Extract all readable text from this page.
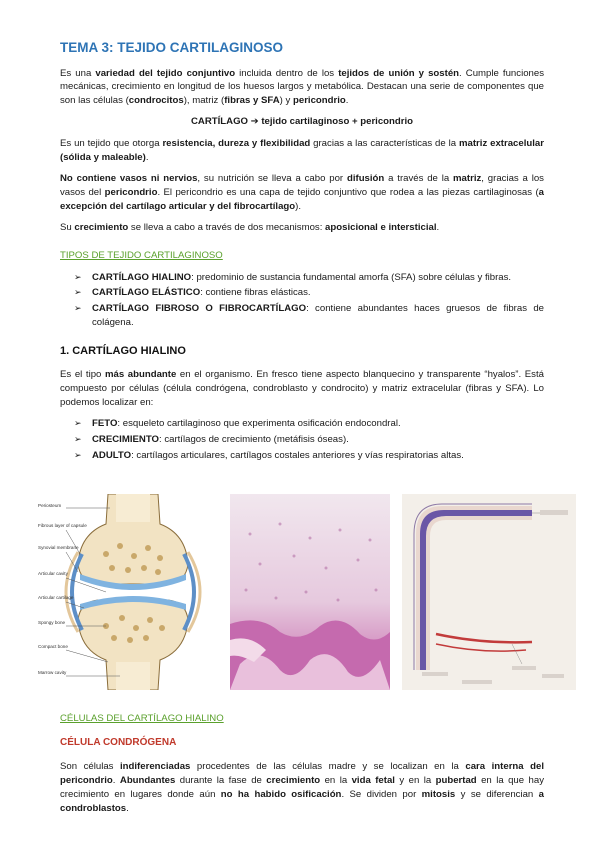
TEMA 3: TEJIDO CARTILAGINOSO

Es una variedad del tejido conjuntivo incluida dentro de los tejidos de unión y sostén. Cumple funciones mecánicas, crecimiento en longitud de los huesos largos y metabólica. Destacan una serie de componentes que son las células (condrocitos), matriz (fibras y SFA) y pericondrio.

CARTÍLAGO ➔ tejido cartilaginoso + pericondrio

Es un tejido que otorga resistencia, dureza y flexibilidad gracias a las características de la matriz extracelular (sólida y maleable).

No contiene vasos ni nervios, su nutrición se lleva a cabo por difusión a través de la matriz, gracias a los vasos del pericondrio. El pericondrio es una capa de tejido conjuntivo que rodea a las piezas cartilaginosas (a excepción del cartílago articular y del fibrocartílago).

Su crecimiento se lleva a cabo a través de dos mecanismos: aposicional e intersticial.

TIPOS DE TEJIDO CARTILAGINOSO
➢ CARTÍLAGO HIALINO: predominio de sustancia fundamental amorfa (SFA) sobre células y fibras.
➢ CARTÍLAGO ELÁSTICO: contiene fibras elásticas.
➢ CARTÍLAGO FIBROSO O FIBROCARTÍLAGO: contiene abundantes haces gruesos de fibras de colágena.
1. CARTÍLAGO HIALINO

Es el tipo más abundante en el organismo. En fresco tiene aspecto blanquecino y transparente “hyalos”. Está compuesto por células (célula condrógena, condroblasto y condrocito) y matriz extracelular (fibras y SFA). Lo podemos localizar en:

➢ FETO: esqueleto cartilaginoso que experimenta osificación endocondral.
➢ CRECIMIENTO: cartílagos de crecimiento (metáfisis óseas).
➢ ADULTO: cartílagos articulares, cartílagos costales anteriores y vías respiratorias altas.
Periosteum
Fibrous layer of capsule
Synovial membrane
Articular cavity
Articular cartilage
Spongy bone
Compact bone
Marrow cavity
CÉLULAS DEL CARTÍLAGO HIALINO
CÉLULA CONDRÓGENA

Son células indiferenciadas procedentes de las células madre y se localizan en la cara interna del pericondrio. Abundantes durante la fase de crecimiento en la vida fetal y en la pubertad en la que hay crecimiento en lugares donde aún no ha habido osificación. Se dividen por mitosis y se diferencian a condroblastos.
